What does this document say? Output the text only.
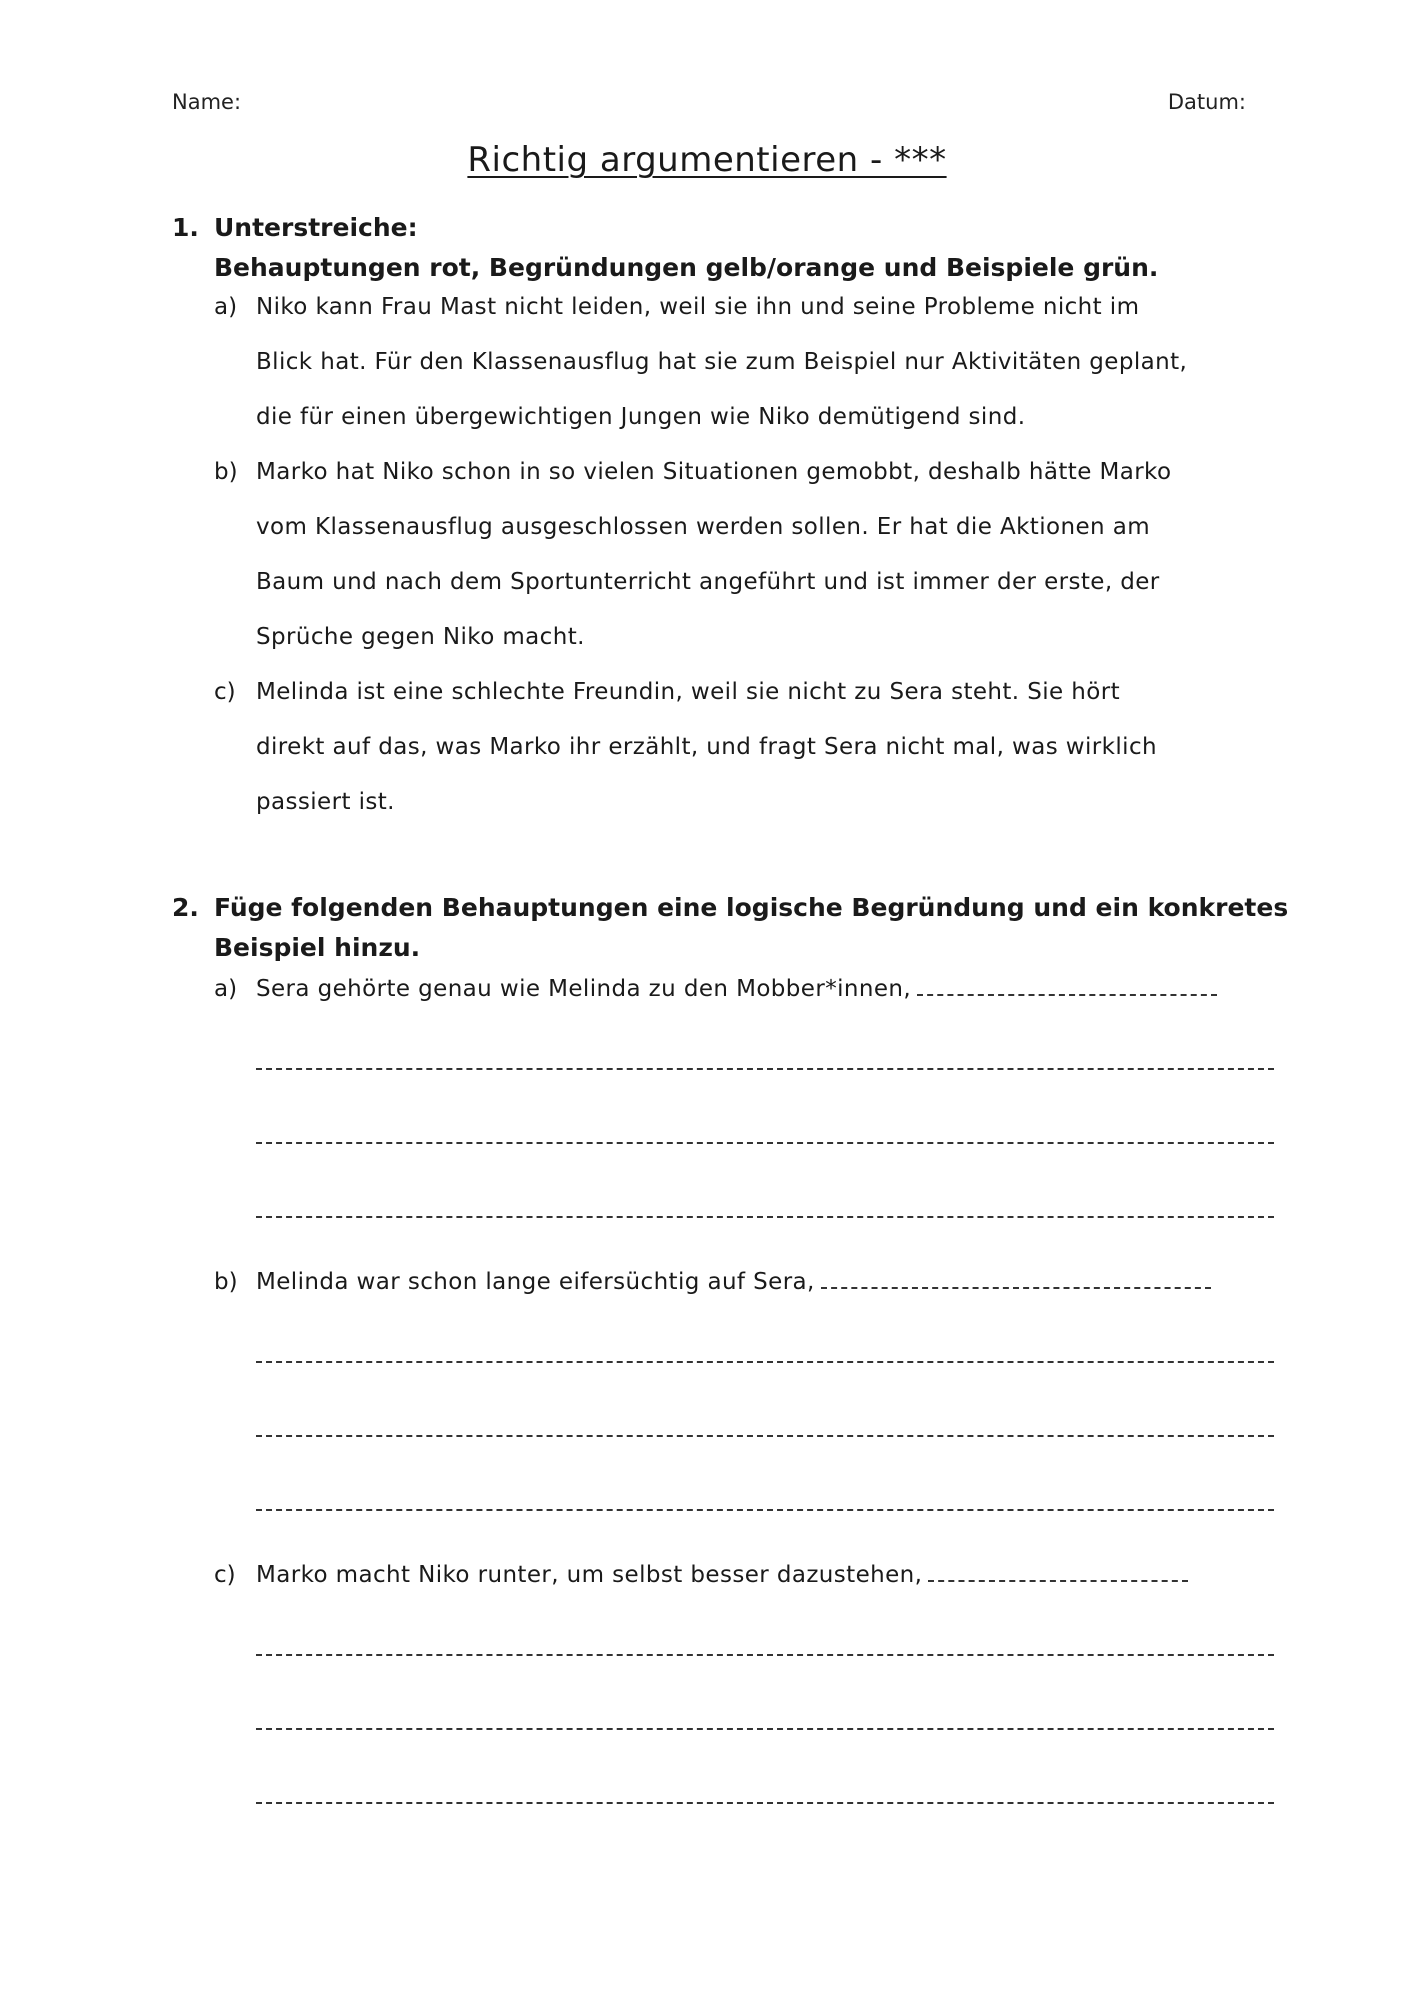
Name:	Datum:
Richtig argumentieren - ***
1. Unterstreiche:
Behauptungen rot, Begründungen gelb/orange und Beispiele grün.
a) Niko kann Frau Mast nicht leiden, weil sie ihn und seine Probleme nicht im
Blick hat. Für den Klassenausflug hat sie zum Beispiel nur Aktivitäten geplant,
die für einen übergewichtigen Jungen wie Niko demütigend sind.
b) Marko hat Niko schon in so vielen Situationen gemobbt, deshalb hätte Marko
vom Klassenausflug ausgeschlossen werden sollen. Er hat die Aktionen am
Baum und nach dem Sportunterricht angeführt und ist immer der erste, der
Sprüche gegen Niko macht.
c) Melinda ist eine schlechte Freundin, weil sie nicht zu Sera steht. Sie hört
direkt auf das, was Marko ihr erzählt, und fragt Sera nicht mal, was wirklich
passiert ist.
2. Füge folgenden Behauptungen eine logische Begründung und ein konkretes
Beispiel hinzu.
a) Sera gehörte genau wie Melinda zu den Mobber*innen,
b) Melinda war schon lange eifersüchtig auf Sera,
c) Marko macht Niko runter, um selbst besser dazustehen,
